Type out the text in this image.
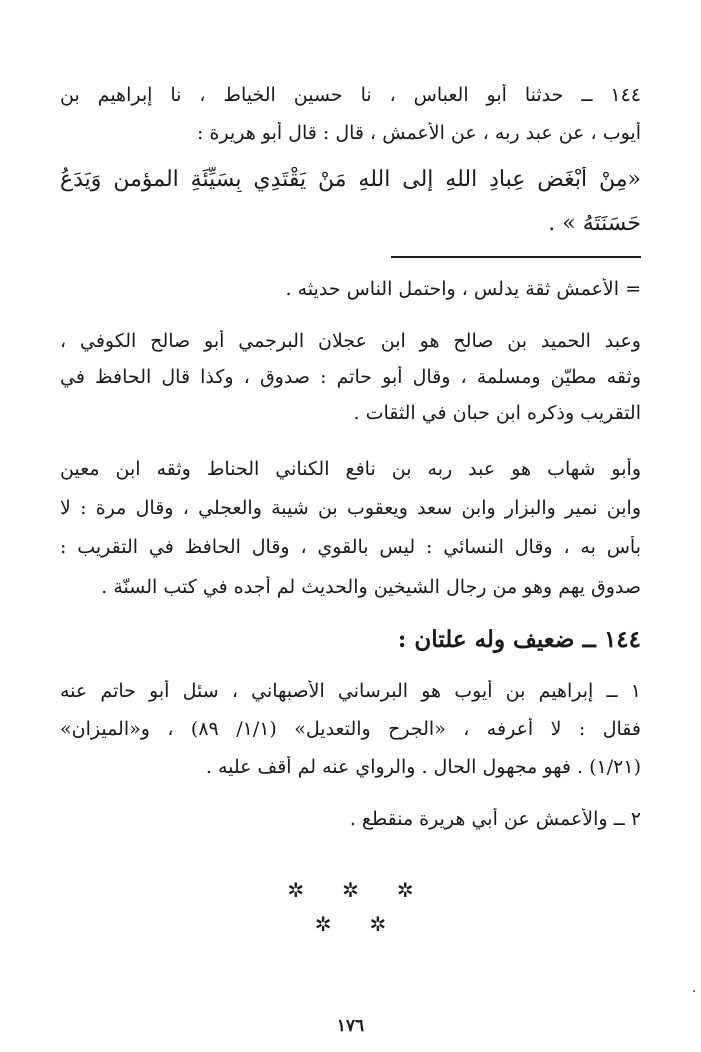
١٤٤ ــ حدثنا أبو العباس ، نا حسين الخياط ، نا إبراهيم بن

أيوب ، عن عبد ربه ، عن الأعمش ، قال : قال أبو هريرة :

«مِنْ أَبْغَضِ عِبادِ اللهِ إلى اللهِ مَنْ يَقْتَدِي بِسَيِّئَةِ المؤمنِ وَيَدَعُ

حَسَنَتَهُ » .

= الأعمش ثقة يدلس ، واحتمل الناس حديثه .

وعبد الحميد بن صالح هو ابن عجلان البرجمي أبو صالح الكوفي ،

وثقه مطيّن ومسلمة ، وقال أبو حاتم : صدوق ، وكذا قال الحافظ في

التقريب وذكره ابن حبان في الثقات .

وأبو شهاب هو عبد ربه بن نافع الكناني الحناط وثقه ابن معين

وابن نمير والبزار وابن سعد ويعقوب بن شيبة والعجلي ، وقال مرة : لا

بأس به ، وقال النسائي : ليس بالقوي ، وقال الحافظ في التقريب :

صدوق يهم وهو من رجال الشيخين والحديث لم أجده في كتب السنّة .

١٤٤ ــ ضعيف وله علتان :

١ ــ إبراهيم بن أيوب هو البرساني الأصبهاني ، سئل أبو حاتم عنه

فقال : لا أعرفه ، «الجرح والتعديل» (١/١/ ٨٩) ، و«الميزان»

(١/٢١) . فهو مجهول الحال . والرواي عنه لم أقف عليه .

٢ ــ والأعمش عن أبي هريرة منقطع .

✲✲✲
✲✲
١٧٦
